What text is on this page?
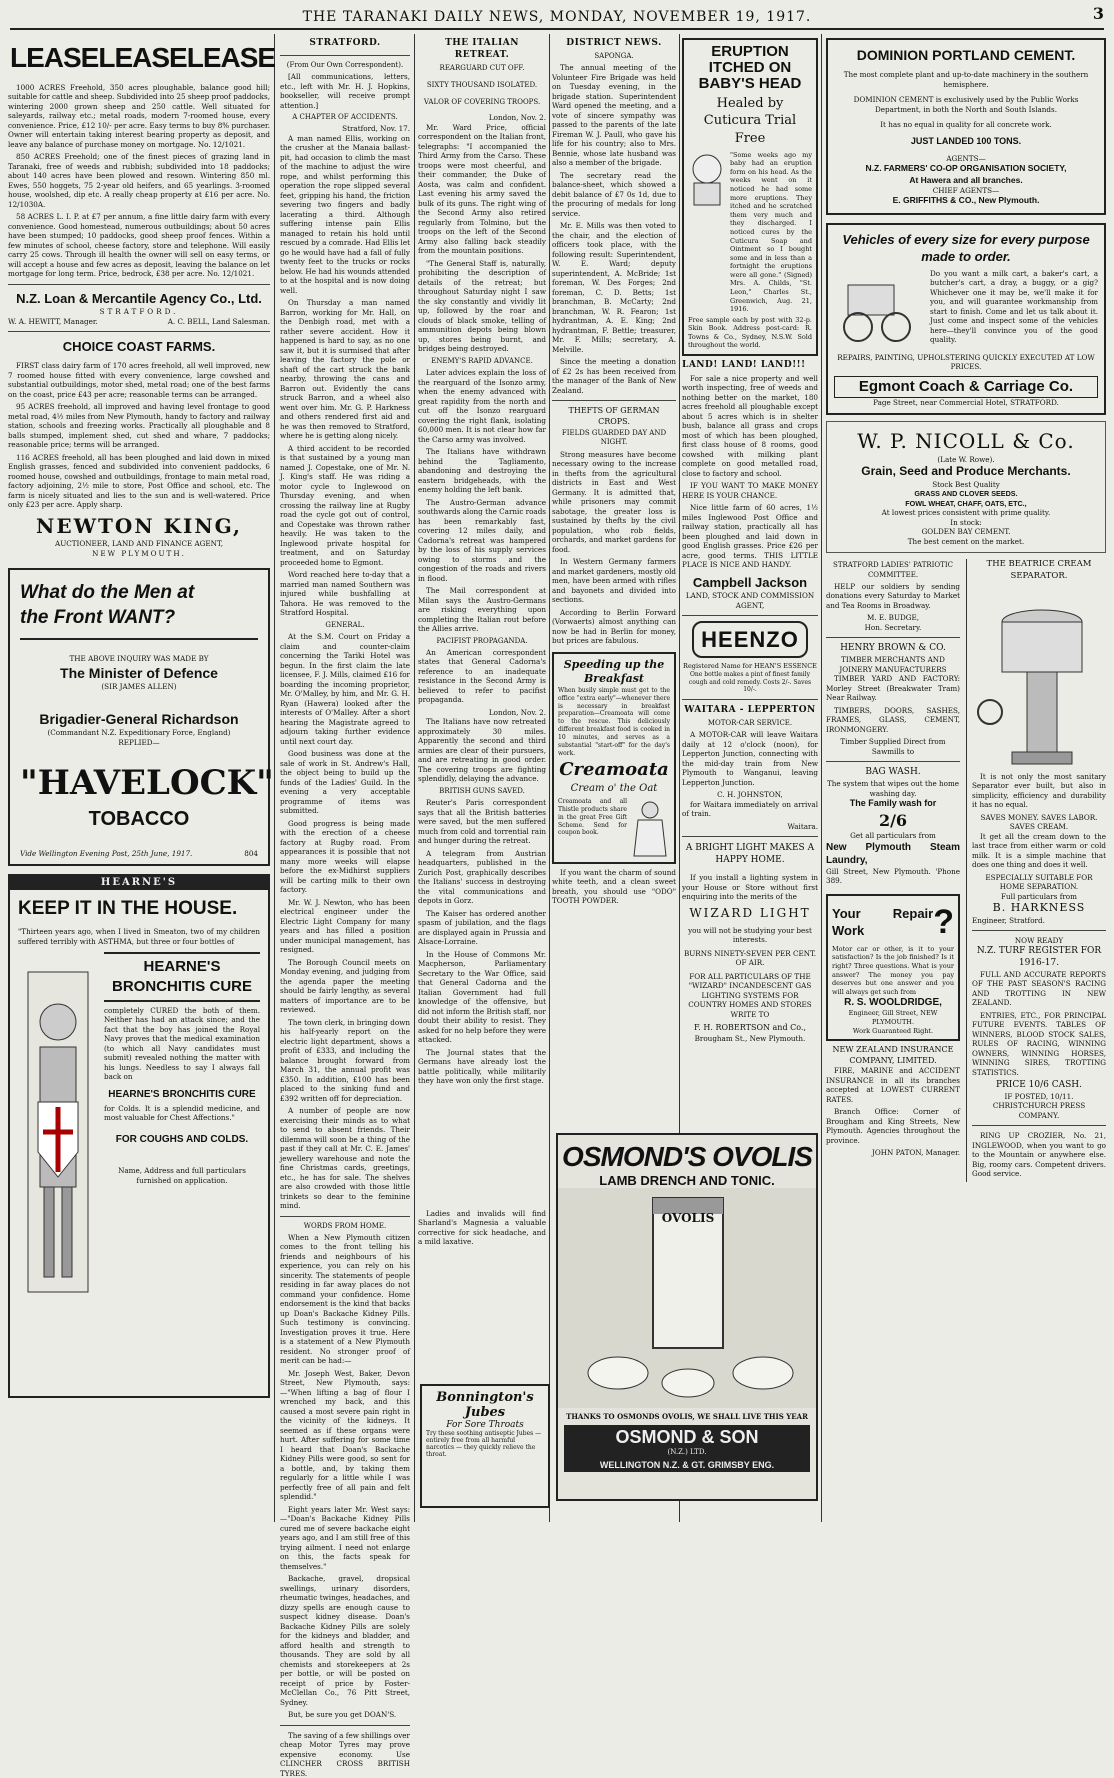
THE TARANAKI DAILY NEWS, MONDAY, NOVEMBER 19, 1917.	3
LEASE LEASE LEASE

1000 ACRES Freehold, 350 acres ploughable, balance good hill; suitable for cattle and sheep. Subdivided into 25 sheep proof paddocks, wintering 2000 grown sheep and 250 cattle. Well situated for saleyards, railway etc.; metal roads, modern 7-roomed house, every convenience. Price, £12 10/- per acre. Easy terms to buy 8% purchaser. Owner will entertain taking interest bearing property as deposit, and leave any balance of purchase money on mortgage. No. 12/1021.

850 ACRES Freehold; one of the finest pieces of grazing land in Taranaki, free of weeds and rubbish; subdivided into 18 paddocks; about 140 acres have been plowed and resown. Wintering 850 ml. Ewes, 550 hoggets, 75 2-year old heifers, and 65 yearlings. 3-roomed house, woolshed, dip etc. A really cheap property at £16 per acre. No. 12/1030A.

58 ACRES L. I. P. at £7 per annum, a fine little dairy farm with every convenience. Good homestead, numerous outbuildings; about 50 acres have been stumped; 10 paddocks, good sheep proof fences. Within a few minutes of school, cheese factory, store and telephone. Will easily carry 25 cows. Through ill health the owner will sell on easy terms, or will accept a house and few acres as deposit, leaving the balance on let mortgage for long term. Price, bedrock, £38 per acre. No. 12/1021.

N.Z. Loan & Mercantile Agency Co., Ltd.
STRATFORD.
W. A. HEWITT, Manager.	A. C. BELL, Land Salesman.
CHOICE COAST FARMS.

FIRST class dairy farm of 170 acres freehold, all well improved, new 7 roomed house fitted with every convenience, large cowshed and substantial outbuildings, motor shed, metal road; one of the best farms on the coast, price £43 per acre; reasonable terms can be arranged.

95 ACRES freehold, all improved and having level frontage to good metal road, 4½ miles from New Plymouth, handy to factory and railway station, schools and freezing works. Practically all ploughable and 8 balls stumped, implement shed, cut shed and whare, 7 paddocks; reasonable price; terms will be arranged.

116 ACRES freehold, all has been ploughed and laid down in mixed English grasses, fenced and subdivided into convenient paddocks, 6 roomed house, cowshed and outbuildings, frontage to main metal road, factory adjoining, 2½ mile to store, Post Office and school, etc. The farm is nicely situated and lies to the sun and is well-watered. Price only £23 per acre. Apply sharp.

NEWTON KING,
AUCTIONEER, LAND AND FINANCE AGENT,
NEW PLYMOUTH.
What do the Men at
the Front WANT?
THE ABOVE INQUIRY WAS MADE BY
The Minister of Defence
(SIR JAMES ALLEN)
Brigadier-General Richardson
(Commandant N.Z. Expeditionary Force, England)
REPLIED—
"HAVELOCK"
TOBACCO
Vide Wellington Evening Post, 25th June, 1917.	804
HEARNE'S
KEEP IT IN THE HOUSE.
"Thirteen years ago, when I lived in Smeaton, two of my children suffered terribly with ASTHMA, but three or four bottles of
HEARNE'S BRONCHITIS CURE
completely CURED the both of them. Neither has had an attack since; and the fact that the boy has joined the Royal Navy proves that the medical examination (to which all Navy candidates must submit) revealed nothing the matter with his lungs. Needless to say I always fall back on
HEARNE'S BRONCHITIS CURE
for Colds. It is a splendid medicine, and most valuable for Chest Affections."
FOR COUGHS AND COLDS.
Name, Address and full particulars furnished on application.
STRATFORD.
(From Our Own Correspondent).

[All communications, letters, etc., left with Mr. H. J. Hopkins, bookseller, will receive prompt attention.]

A CHAPTER OF ACCIDENTS.
Stratford, Nov. 17.

A man named Ellis, working on the crusher at the Manaia ballast-pit, had occasion to climb the mast of the machine to adjust the wire rope, and whilst performing this operation the rope slipped several feet, gripping his hand, the friction severing two fingers and badly lacerating a third. Although suffering intense pain Ellis managed to retain his hold until rescued by a comrade. Had Ellis let go he would have had a fall of fully twenty feet to the trucks or rocks below. He had his wounds attended to at the hospital and is now doing well.

On Thursday a man named Barron, working for Mr. Hall, on the Denbigh road, met with a rather severe accident. How it happened is hard to say, as no one saw it, but it is surmised that after leaving the factory the pole or shaft of the cart struck the bank nearby, throwing the cans and Barron out. Evidently the cans struck Barron, and a wheel also went over him. Mr. G. P. Harkness and others rendered first aid and he was then removed to Stratford, where he is getting along nicely.

A third accident to be recorded is that sustained by a young man named J. Copestake, one of Mr. N. J. King's staff. He was riding a motor cycle to Inglewood on Thursday evening, and when crossing the railway line at Rugby road the cycle got out of control, and Copestake was thrown rather heavily. He was taken to the Inglewood private hospital for treatment, and on Saturday proceeded home to Egmont.

Word reached here to-day that a married man named Southern was injured while bushfalling at Tahora. He was removed to the Stratford Hospital.

GENERAL.

At the S.M. Court on Friday a claim and counter-claim concerning the Tariki Hotel was begun. In the first claim the late licensee, F. J. Mills, claimed £16 for boarding the incoming proprietor, Mr. O'Malley, by him, and Mr. G. H. Ryan (Hawera) looked after the interests of O'Malley. After a short hearing the Magistrate agreed to adjourn taking further evidence until next court day.

Good business was done at the sale of work in St. Andrew's Hall, the object being to build up the funds of the Ladies' Guild. In the evening a very acceptable programme of items was submitted.

Good progress is being made with the erection of a cheese factory at Rugby road. From appearances it is possible that not many more weeks will elapse before the ex-Midhirst suppliers will be carting milk to their own factory.

Mr. W. J. Newton, who has been electrical engineer under the Electric Light Company for many years and has filled a position under municipal management, has resigned.

The Borough Council meets on Monday evening, and judging from the agenda paper the meeting should be fairly lengthy, as several matters of importance are to be reviewed.

The town clerk, in bringing down his half-yearly report on the electric light department, shows a profit of £333, and including the balance brought forward from March 31, the annual profit was £350. In addition, £100 has been placed to the sinking fund and £392 written off for depreciation.

A number of people are now exercising their minds as to what to send to absent friends. Their dilemma will soon be a thing of the past if they call at Mr. C. E. James' jewellery warehouse and note the fine Christmas cards, greetings, etc., he has for sale. The shelves are also crowded with those little trinkets so dear to the feminine mind.

WORDS FROM HOME.

When a New Plymouth citizen comes to the front telling his friends and neighbours of his experience, you can rely on his sincerity. The statements of people residing in far away places do not command your confidence. Home endorsement is the kind that backs up Doan's Backache Kidney Pills. Such testimony is convincing. Investigation proves it true. Here is a statement of a New Plymouth resident. No stronger proof of merit can be had:—

Mr. Joseph West, Baker, Devon Street, New Plymouth, says:—"When lifting a bag of flour I wrenched my back, and this caused a most severe pain right in the vicinity of the kidneys. It seemed as if these organs were hurt. After suffering for some time I heard that Doan's Backache Kidney Pills were good, so sent for a bottle, and, by taking them regularly for a little while I was perfectly free of all pain and felt splendid."

Eight years later Mr. West says:—"Doan's Backache Kidney Pills cured me of severe backache eight years ago, and I am still free of this trying ailment. I need not enlarge on this, the facts speak for themselves."

Backache, gravel, dropsical swellings, urinary disorders, rheumatic twinges, headaches, and dizzy spells are enough cause to suspect kidney disease. Doan's Backache Kidney Pills are solely for the kidneys and bladder, and afford health and strength to thousands. They are sold by all chemists and storekeepers at 2s per bottle, or will be posted on receipt of price by Foster-McClellan Co., 76 Pitt Street, Sydney.

But, be sure you get DOAN'S.

The saving of a few shillings over cheap Motor Tyres may prove expensive economy. Use CLINCHER CROSS BRITISH TYRES.

THE ITALIAN RETREAT.
REARGUARD CUT OFF.
SIXTY THOUSAND ISOLATED.
VALOR OF COVERING TROOPS.
London, Nov. 2.

Mr. Ward Price, official correspondent on the Italian front, telegraphs: "I accompanied the Third Army from the Carso. These troops were most cheerful, and their commander, the Duke of Aosta, was calm and confident. Last evening his army saved the bulk of its guns. The right wing of the Second Army also retired regularly from Tolmino, but the troops on the left of the Second Army also falling back steadily from the mountain positions.

"The General Staff is, naturally, prohibiting the description of details of the retreat; but throughout Saturday night I saw the sky constantly and vividly lit up, followed by the roar and clouds of black smoke, telling of ammunition depots being blown up, stores being burnt, and bridges being destroyed.

ENEMY'S RAPID ADVANCE.

Later advices explain the loss of the rearguard of the Isonzo army, when the enemy advanced with great rapidity from the north and cut off the Isonzo rearguard covering the right flank, isolating 60,000 men. It is not clear how far the Carso army was involved.

The Italians have withdrawn behind the Tagliamento, abandoning and destroying the eastern bridgeheads, with the enemy holding the left bank.

The Austro-German advance southwards along the Carnic roads has been remarkably fast, covering 12 miles daily, and Cadorna's retreat was hampered by the loss of his supply services owing to storms and the congestion of the roads and rivers in flood.

The Mail correspondent at Milan says the Austro-Germans are risking everything upon completing the Italian rout before the Allies arrive.

PACIFIST PROPAGANDA.

An American correspondent states that General Cadorna's reference to an inadequate resistance in the Second Army is believed to refer to pacifist propaganda.

London, Nov. 2.

The Italians have now retreated approximately 30 miles. Apparently the second and third armies are clear of their pursuers, and are retreating in good order. The covering troops are fighting splendidly, delaying the advance.

BRITISH GUNS SAVED.

Reuter's Paris correspondent says that all the British batteries were saved, but the men suffered much from cold and torrential rain and hunger during the retreat.

A telegram from Austrian headquarters, published in the Zurich Post, graphically describes the Italians' success in destroying the vital communications and depots in Gorz.

The Kaiser has ordered another spasm of jubilation, and the flags are displayed again in Prussia and Alsace-Lorraine.

In the House of Commons Mr. Macpherson, Parliamentary Secretary to the War Office, said that General Cadorna and the Italian Government had full knowledge of the offensive, but did not inform the British staff, nor doubt their ability to resist. They asked for no help before they were attacked.

The Journal states that the Germans have already lost the battle politically, while militarily they have won only the first stage.

Ladies and invalids will find Sharland's Magnesia a valuable corrective for sick headache, and a mild laxative.

DISTRICT NEWS.
SAPONGA.

The annual meeting of the Volunteer Fire Brigade was held on Tuesday evening, in the brigade station. Superintendent Ward opened the meeting, and a vote of sincere sympathy was passed to the parents of the late Fireman W. J. Paull, who gave his life for his country; also to Mrs. Bennie, whose late husband was also a member of the brigade.

The secretary read the balance-sheet, which showed a debit balance of £7 0s 1d, due to the procuring of medals for long service.

Mr. E. Mills was then voted to the chair, and the election of officers took place, with the following result: Superintendent, W. E. Ward; deputy superintendent, A. McBride; 1st foreman, W. Des Forges; 2nd foreman, C. D. Betts; 1st branchman, B. McCarty; 2nd branchman, W. R. Fearon; 1st hydrantman, A. E. King; 2nd hydrantman, F. Bettle; treasurer, Mr. F. Mills; secretary, A. Melville.

Since the meeting a donation of £2 2s has been received from the manager of the Bank of New Zealand.

THEFTS OF GERMAN CROPS.
FIELDS GUARDED DAY AND NIGHT.

Strong measures have become necessary owing to the increase in thefts from the agricultural districts in East and West Germany. It is admitted that, while prisoners may commit sabotage, the greater loss is sustained by thefts by the civil population, who rob fields, orchards, and market gardens for food.

In Western Germany farmers and market gardeners, mostly old men, have been armed with rifles and bayonets and divided into sections.

According to Berlin Forward (Vorwaerts) almost anything can now be had in Berlin for money, but prices are fabulous.

Speeding up the Breakfast
When busily simple must get to the office "extra early"—whenever there is necessary in breakfast preparation—Creamoata will come to the rescue. This deliciously different breakfast food is cooked in 10 minutes, and serves as a substantial "start-off" for the day's work.
Creamoata
Cream o' the Oat
Creamoata and all Thistle products share in the great Free Gift Scheme. Send for coupon book.

If you want the charm of sound white teeth, and a clean sweet breath, you should use "ODO" TOOTH POWDER.

OSMOND'S OVOLIS
LAMB DRENCH AND TONIC.
OVOLIS
THANKS TO OSMONDS OVOLIS, WE SHALL LIVE THIS YEAR
OSMOND & SON
(N.Z.) LTD.
WELLINGTON N.Z. & GT. GRIMSBY ENG.
Bonnington's Jubes
For Sore Throats
Try these soothing antiseptic Jubes — entirely free from all harmful narcotics — they quickly relieve the throat.
ERUPTION ITCHED ON BABY'S HEAD
Healed by Cuticura Trial Free
"Some weeks ago my baby had an eruption form on his head. As the weeks went on it noticed he had some more eruptions. They itched and he scratched them very much and they discharged. I noticed cures by the Cuticura Soap and Ointment so I bought some and in less than a fortnight the eruptions were all gone." (Signed) Mrs. A. Childs, "St. Leon," Charles St., Greenwich, Aug. 21, 1916.
Free sample each by post with 32-p. Skin Book. Address post-card: R. Towns & Co., Sydney, N.S.W. Sold throughout the world.
LAND! LAND! LAND!!!

For sale a nice property and well worth inspecting, free of weeds and nothing better on the market, 180 acres freehold all ploughable except about 5 acres which is in shelter bush, balance all grass and crops most of which has been ploughed, first class house of 8 rooms, good cowshed with milking plant complete on good metalled road, close to factory and school.

IF YOU WANT TO MAKE MONEY HERE IS YOUR CHANCE.

Nice little farm of 60 acres, 1½ miles Inglewood Post Office and railway station, practically all has been ploughed and laid down in good English grasses. Price £26 per acre, good terms. THIS LITTLE PLACE IS NICE AND HANDY.

Campbell Jackson
LAND, STOCK AND COMMISSION AGENT,
HEENZO
Registered Name for HEAN'S ESSENCE
One bottle makes a pint of finest family cough and cold remedy. Costs 2/-. Saves 10/-.
WAITARA - LEPPERTON
MOTOR-CAR SERVICE.

A MOTOR-CAR will leave Waitara daily at 12 o'clock (noon), for Lepperton Junction, connecting with the mid-day train from New Plymouth to Wanganui, leaving Lepperton Junction.

C. H. JOHNSTON,

for Waitara immediately on arrival of train.

Waitara.
A BRIGHT LIGHT MAKES A HAPPY HOME.

If you install a lighting system in your House or Store without first enquiring into the merits of the

WIZARD LIGHT
you will not be studying your best interests.
BURNS NINETY-SEVEN PER CENT. OF AIR.
FOR ALL PARTICULARS OF THE "WIZARD" INCANDESCENT GAS LIGHTING SYSTEMS FOR COUNTRY HOMES AND STORES WRITE TO
F. H. ROBERTSON and Co.,
Brougham St., New Plymouth.
DOMINION PORTLAND CEMENT.
The most complete plant and up-to-date machinery in the southern hemisphere.
DOMINION CEMENT is exclusively used by the Public Works Department, in both the North and South Islands.
It has no equal in quality for all concrete work.
JUST LANDED 100 TONS.
AGENTS—
N.Z. FARMERS' CO-OP ORGANISATION SOCIETY,
At Hawera and all branches.
CHIEF AGENTS—
E. GRIFFITHS & CO., New Plymouth.
Vehicles of every size for every purpose made to order.
Do you want a milk cart, a baker's cart, a butcher's cart, a dray, a buggy, or a gig? Whichever one it may be, we'll make it for you, and will guarantee workmanship from start to finish. Come and let us talk about it. Just come and inspect some of the vehicles here—they'll convince you of the good quality.
REPAIRS, PAINTING, UPHOLSTERING QUICKLY EXECUTED AT LOW PRICES.
Egmont Coach & Carriage Co.
Page Street, near Commercial Hotel, STRATFORD.
W. P. NICOLL & Co.
(Late W. Rowe).
Grain, Seed and Produce Merchants.
Stock Best Quality
GRASS AND CLOVER SEEDS.
FOWL WHEAT, CHAFF, OATS, ETC.,
At lowest prices consistent with prime quality.
In stock:
GOLDEN BAY CEMENT.
The best cement on the market.
STRATFORD LADIES' PATRIOTIC COMMITTEE.

HELP our soldiers by sending donations every Saturday to Market and Tea Rooms in Broadway.

M. E. BUDGE,
Hon. Secretary.
HENRY BROWN & CO.
TIMBER MERCHANTS AND JOINERY MANUFACTURERS

TIMBER YARD AND FACTORY: Morley Street (Breakwater Tram) Near Railway.

TIMBERS, DOORS, SASHES, FRAMES, GLASS, CEMENT, IRONMONGERY.

Timber Supplied Direct from Sawmills to
BAG WASH.
The system that wipes out the home washing day.
The Family wash for
2/6
Get all particulars from
New Plymouth Steam Laundry,
Gill Street, New Plymouth. 'Phone 389.
Your Repair Work	?
Motor car or other, is it to your satisfaction? Is the job finished? Is it right? Three questions. What is your answer? The money you pay deserves but one answer and you will always get such from
R. S. WOOLDRIDGE,
Engineer, Gill Street, NEW PLYMOUTH.
Work Guaranteed Right.
NEW ZEALAND INSURANCE COMPANY, LIMITED.

FIRE, MARINE and ACCIDENT INSURANCE in all its branches accepted at LOWEST CURRENT RATES.

Branch Office: Corner of Brougham and King Streets, New Plymouth. Agencies throughout the province.

JOHN PATON, Manager.
THE BEATRICE CREAM SEPARATOR.

It is not only the most sanitary Separator ever built, but also in simplicity, efficiency and durability it has no equal.

SAVES MONEY. SAVES LABOR. SAVES CREAM.

It get all the cream down to the last trace from either warm or cold milk. It is a simple machine that does one thing and does it well.

ESPECIALLY SUITABLE FOR HOME SEPARATION.
Full particulars from
B. HARKNESS
Engineer, Stratford.
NOW READY
N.Z. TURF REGISTER FOR 1916-17.

FULL AND ACCURATE REPORTS OF THE PAST SEASON'S RACING AND TROTTING IN NEW ZEALAND.

ENTRIES, ETC., FOR PRINCIPAL FUTURE EVENTS. TABLES OF WINNERS, BLOOD STOCK SALES, RULES OF RACING, WINNING OWNERS, WINNING HORSES, WINNING SIRES, TROTTING STATISTICS.

PRICE 10/6 CASH.
IF POSTED, 10/11.
CHRISTCHURCH PRESS COMPANY.

RING UP CROZIER, No. 21, INGLEWOOD, when you want to go to the Mountain or anywhere else. Big, roomy cars. Competent drivers. Good service.
